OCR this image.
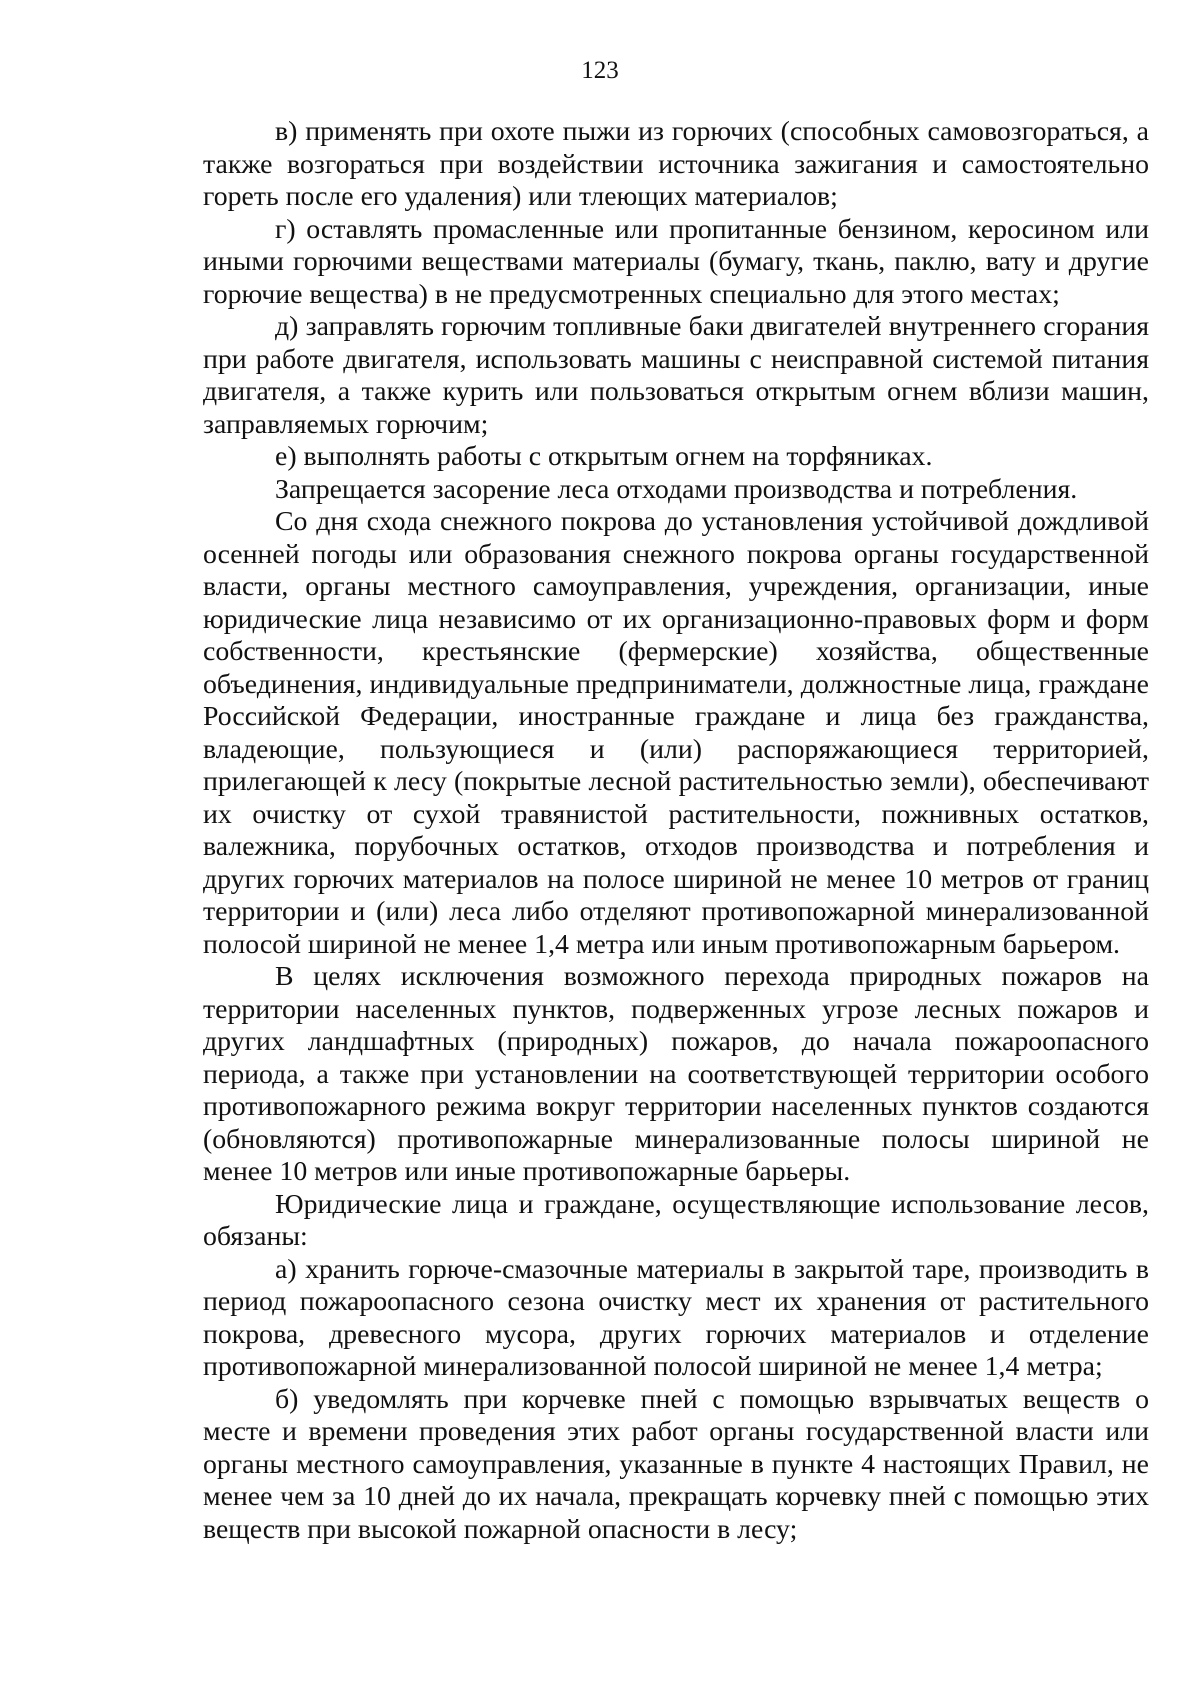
123

в) применять при охоте пыжи из горючих (способных самовозгораться, а также возгораться при воздействии источника зажигания и самостоятельно гореть после его удаления) или тлеющих материалов;

г) оставлять промасленные или пропитанные бензином, керосином или иными горючими веществами материалы (бумагу, ткань, паклю, вату и другие горючие вещества) в не предусмотренных специально для этого местах;

д) заправлять горючим топливные баки двигателей внутреннего сгорания при работе двигателя, использовать машины с неисправной системой питания двигателя, а также курить или пользоваться открытым огнем вблизи машин, заправляемых горючим;

е) выполнять работы с открытым огнем на торфяниках.

Запрещается засорение леса отходами производства и потребления.

Со дня схода снежного покрова до установления устойчивой дождливой осенней погоды или образования снежного покрова органы государственной власти, органы местного самоуправления, учреждения, организации, иные юридические лица независимо от их организационно-правовых форм и форм собственности, крестьянские (фермерские) хозяйства, общественные объединения, индивидуальные предприниматели, должностные лица, граждане Российской Федерации, иностранные граждане и лица без гражданства, владеющие, пользующиеся и (или) распоряжающиеся территорией, прилегающей к лесу (покрытые лесной растительностью земли), обеспечивают их очистку от сухой травянистой растительности, пожнивных остатков, валежника, порубочных остатков, отходов производства и потребления и других горючих материалов на полосе шириной не менее 10 метров от границ территории и (или) леса либо отделяют противопожарной минерализованной полосой шириной не менее 1,4 метра или иным противопожарным барьером.

В целях исключения возможного перехода природных пожаров на территории населенных пунктов, подверженных угрозе лесных пожаров и других ландшафтных (природных) пожаров, до начала пожароопасного периода, а также при установлении на соответствующей территории особого противопожарного режима вокруг территории населенных пунктов создаются (обновляются) противопожарные минерализованные полосы шириной не менее 10 метров или иные противопожарные барьеры.

Юридические лица и граждане, осуществляющие использование лесов, обязаны:

а) хранить горюче-смазочные материалы в закрытой таре, производить в период пожароопасного сезона очистку мест их хранения от растительного покрова, древесного мусора, других горючих материалов и отделение противопожарной минерализованной полосой шириной не менее 1,4 метра;

б) уведомлять при корчевке пней с помощью взрывчатых веществ о месте и времени проведения этих работ органы государственной власти или органы местного самоуправления, указанные в пункте 4 настоящих Правил, не менее чем за 10 дней до их начала, прекращать корчевку пней с помощью этих веществ при высокой пожарной опасности в лесу;
